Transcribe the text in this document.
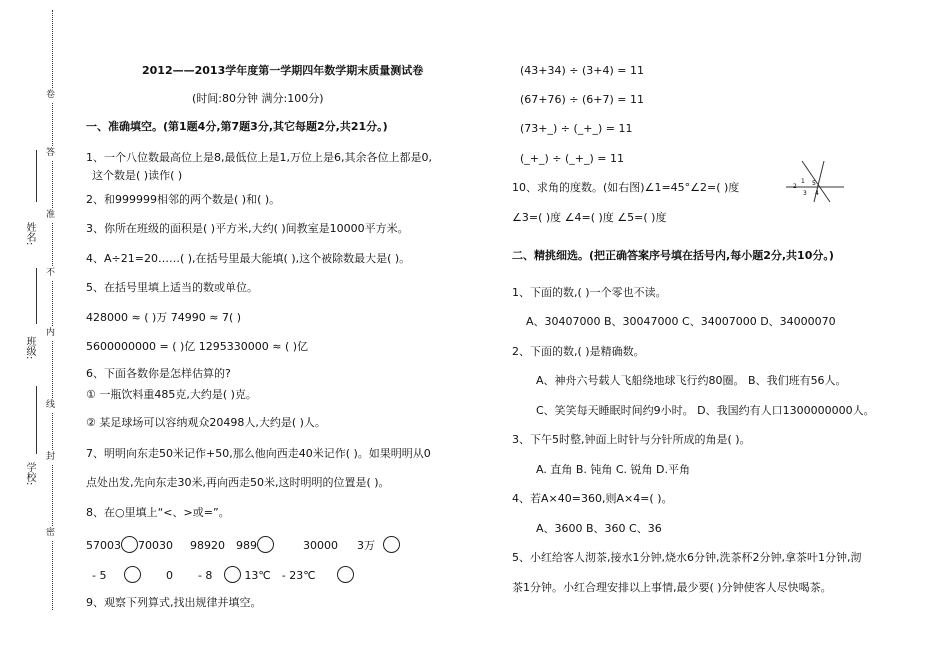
卷
答
准
不
内
线
封
密
姓名:
班级:
学校:
2012——2013学年度第一学期四年数学期末质量测试卷
(时间:80分钟 满分:100分)
一、准确填空。(第1题4分,第7题3分,其它每题2分,共21分。)
1、一个八位数最高位上是8,最低位上是1,万位上是6,其余各位上都是0,
这个数是( )读作( )
2、和999999相邻的两个数是( )和( )。
3、你所在班级的面积是( )平方米,大约( )间教室是10000平方米。
4、A÷21=20……( ),在括号里最大能填( ),这个被除数最大是( )。
5、在括号里填上适当的数或单位。
428000 ≈ ( )万 74990 ≈ 7( )
5600000000 = ( )亿 1295330000 ≈ ( )亿
6、下面各数你是怎样估算的?
① 一瓶饮料重485克,大约是( )克。
② 某足球场可以容纳观众20498人,大约是( )人。
7、明明向东走50米记作+50,那么他向西走40米记作( )。如果明明从0
点处出发,先向东走30米,再向西走50米,这时明明的位置是( )。
8、在○里填上“<、>或=”。
57003 70030 98920 989	30000 3万
- 5	0 - 8	13℃ - 23℃
9、观察下列算式,找出规律并填空。
(43+34) ÷ (3+4) = 11
(67+76) ÷ (6+7) = 11
(73+_) ÷ (_+_) = 11
(_+_) ÷ (_+_) = 11
10、求角的度数。(如右图)∠1=45°∠2=( )度
∠3=( )度 ∠4=( )度 ∠5=( )度
1
2
3 4
5
二、精挑细选。(把正确答案序号填在括号内,每小题2分,共10分。)
1、下面的数,( )一个零也不读。
A、30407000 B、30047000 C、34007000 D、34000070
2、下面的数,( )是精确数。
A、神舟六号载人飞船绕地球飞行约80圈。 B、我们班有56人。
C、笑笑每天睡眠时间约9小时。 D、我国约有人口1300000000人。
3、下午5时整,钟面上时针与分针所成的角是( )。
A. 直角 B. 钝角 C. 锐角 D.平角
4、若A×40=360,则A×4=( )。
A、3600 B、360 C、36
5、小红给客人沏茶,接水1分钟,烧水6分钟,洗茶杯2分钟,拿茶叶1分钟,沏
茶1分钟。小红合理安排以上事情,最少要( )分钟使客人尽快喝茶。
